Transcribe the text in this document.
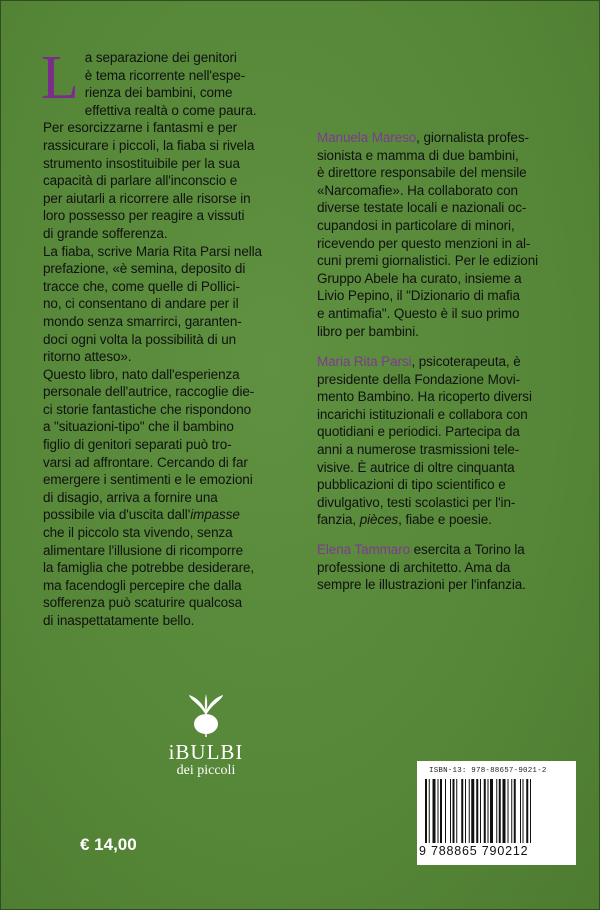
L a separazione dei genitori
è tema ricorrente nell'espe-
rienza dei bambini, come
effettiva realtà o come paura.
Per esorcizzarne i fantasmi e per
rassicurare i piccoli, la fiaba si rivela
strumento insostituibile per la sua
capacità di parlare all'inconscio e
per aiutarli a ricorrere alle risorse in
loro possesso per reagire a vissuti
di grande sofferenza.

La fiaba, scrive Maria Rita Parsi nella
prefazione, «è semina, deposito di
tracce che, come quelle di Pollici-
no, ci consentano di andare per il
mondo senza smarrirci, garanten-
doci ogni volta la possibilità di un
ritorno atteso».

Questo libro, nato dall'esperienza
personale dell'autrice, raccoglie die-
ci storie fantastiche che rispondono
a "situazioni-tipo" che il bambino
figlio di genitori separati può tro-
varsi ad affrontare. Cercando di far
emergere i sentimenti e le emozioni
di disagio, arriva a fornire una
possibile via d'uscita dall'impasse
che il piccolo sta vivendo, senza
alimentare l'illusione di ricomporre
la famiglia che potrebbe desiderare,
ma facendogli percepire che dalla
sofferenza può scaturire qualcosa
di inaspettatamente bello.

Manuela Mareso, giornalista profes-
sionista e mamma di due bambini,
è direttore responsabile del mensile
«Narcomafie». Ha collaborato con
diverse testate locali e nazionali oc-
cupandosi in particolare di minori,
ricevendo per questo menzioni in al-
cuni premi giornalistici. Per le edizioni
Gruppo Abele ha curato, insieme a
Livio Pepino, il "Dizionario di mafia
e antimafia". Questo è il suo primo
libro per bambini.

Maria Rita Parsi, psicoterapeuta, è
presidente della Fondazione Movi-
mento Bambino. Ha ricoperto diversi
incarichi istituzionali e collabora con
quotidiani e periodici. Partecipa da
anni a numerose trasmissioni tele-
visive. È autrice di oltre cinquanta
pubblicazioni di tipo scientifico e
divulgativo, testi scolastici per l'in-
fanzia, pièces, fiabe e poesie.

Elena Tammaro esercita a Torino la
professione di architetto. Ama da
sempre le illustrazioni per l'infanzia.

iBULBI
dei piccoli
€ 14,00
ISBN-13: 978-88657-9021-2
9 788865 790212
